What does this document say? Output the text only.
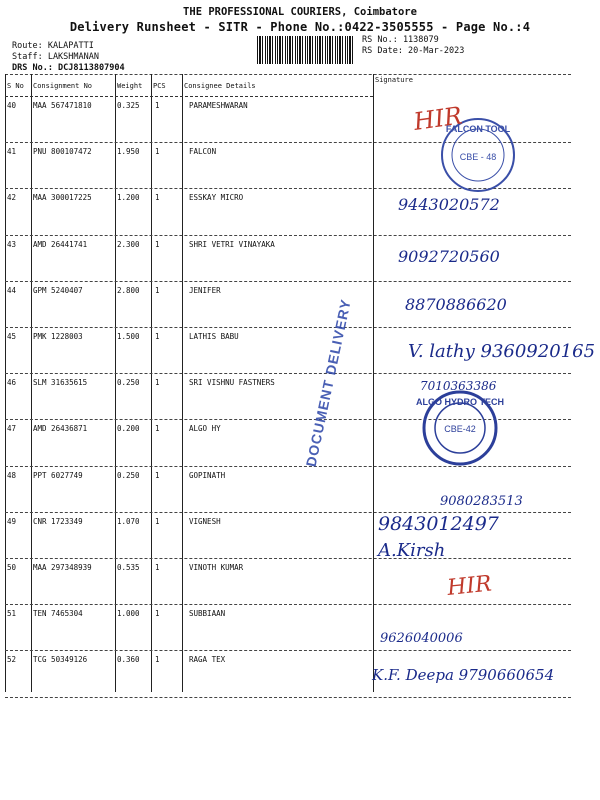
THE PROFESSIONAL COURIERS, Coimbatore
Delivery Runsheet - SITR - Phone No.:0422-3505555 - Page No.:4
Route: KALAPATTI
Staff: LAKSHMANAN
DRS No.: DCJ8113807904
RS No.: 1138079
RS Date: 20-Mar-2023
S No Consignment No	Weight PCS	Consignee Details
Signature
40 MAA 567471810	0.325 1	PARAMESHWARAN
41 PNU 800107472	1.950 1	FALCON
42 MAA 300017225	1.200 1	ESSKAY MICRO
43 AMD 26441741	2.300 1	SHRI VETRI VINAYAKA
44 GPM 5240407	2.800 1	JENIFER
45 PMK 1228003	1.500 1	LATHIS BABU
46 SLM 31635615	0.250 1	SRI VISHNU FASTNERS
47 AMD 26436871	0.200 1	ALGO HY
48 PPT 6027749	0.250 1	GOPINATH
49 CNR 1723349	1.070 1	VIGNESH
50 MAA 297348939	0.535 1	VINOTH KUMAR
51 TEN 7465304	1.000 1	SUBBIAAN
52 TCG 50349126	0.360 1	RAGA TEX
DOCUMENT DELIVERY
FALCON TOOL
CBE - 48
ALGO HYDRO TECH
CBE-42
HIR
9443020572
9092720560
8870886620
V. lathy 9360920165
7010363386
9080283513
9843012497
A.Kirsh
HIR
9626040006
K.F. Deepa 9790660654
